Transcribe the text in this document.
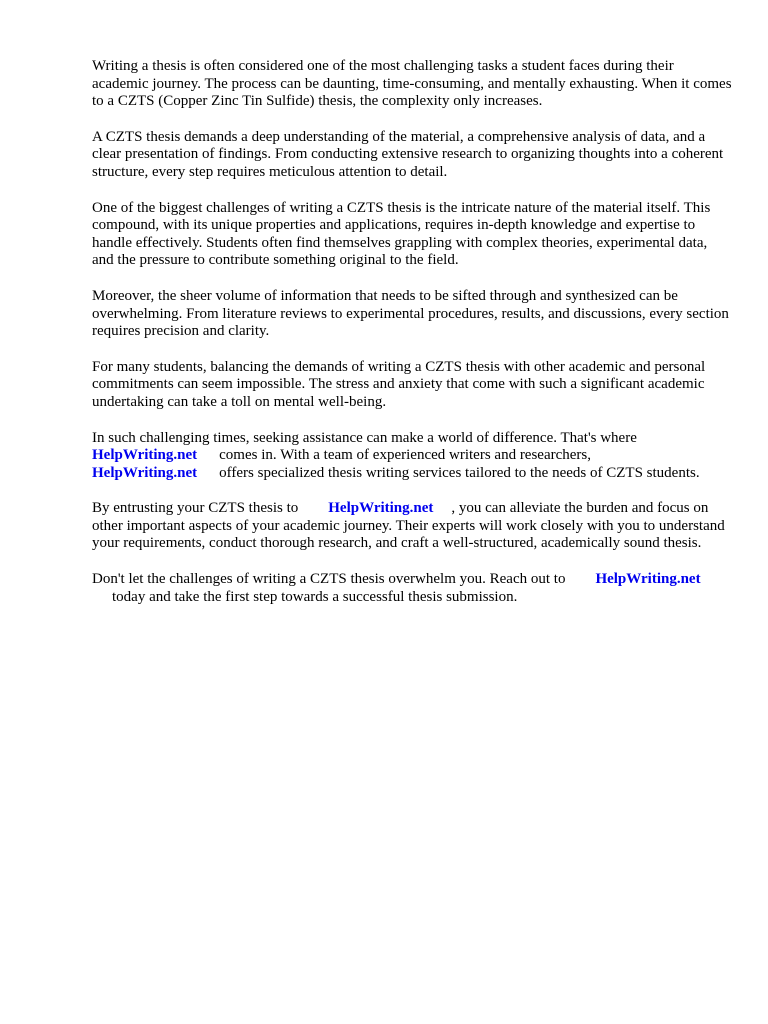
Writing a thesis is often considered one of the most challenging tasks a student faces during their academic journey. The process can be daunting, time-consuming, and mentally exhausting. When it comes to a CZTS (Copper Zinc Tin Sulfide) thesis, the complexity only increases.

A CZTS thesis demands a deep understanding of the material, a comprehensive analysis of data, and a clear presentation of findings. From conducting extensive research to organizing thoughts into a coherent structure, every step requires meticulous attention to detail.

One of the biggest challenges of writing a CZTS thesis is the intricate nature of the material itself. This compound, with its unique properties and applications, requires in-depth knowledge and expertise to handle effectively. Students often find themselves grappling with complex theories, experimental data, and the pressure to contribute something original to the field.

Moreover, the sheer volume of information that needs to be sifted through and synthesized can be overwhelming. From literature reviews to experimental procedures, results, and discussions, every section requires precision and clarity.

For many students, balancing the demands of writing a CZTS thesis with other academic and personal commitments can seem impossible. The stress and anxiety that come with such a significant academic undertaking can take a toll on mental well-being.

In such challenging times, seeking assistance can make a world of difference. That's where
HelpWriting.net comes in. With a team of experienced writers and researchers,
HelpWriting.net offers specialized thesis writing services tailored to the needs of CZTS students.

By entrusting your CZTS thesis to HelpWriting.net , you can alleviate the burden and focus on other important aspects of your academic journey. Their experts will work closely with you to understand your requirements, conduct thorough research, and craft a well-structured, academically sound thesis.

Don't let the challenges of writing a CZTS thesis overwhelm you. Reach out to HelpWriting.net
today and take the first step towards a successful thesis submission.
